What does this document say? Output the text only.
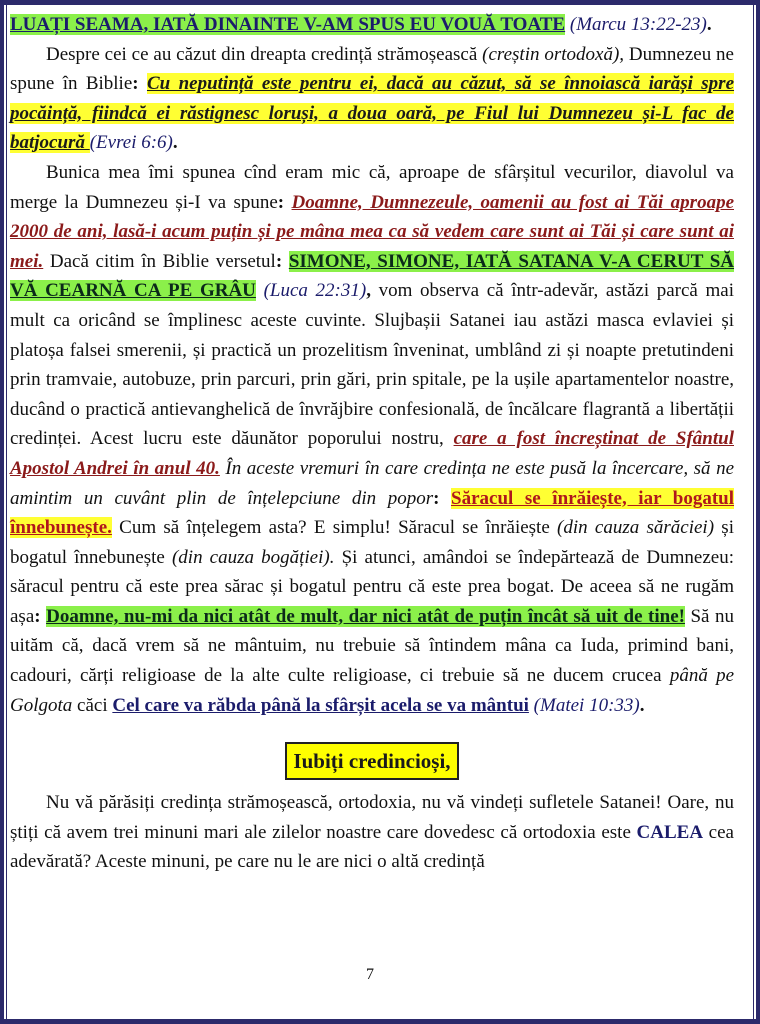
LUAȚI SEAMA, IATĂ DINAINTE V-AM SPUS EU VOUĂ TOATE (Marcu 13:22-23).

Despre cei ce au căzut din dreapta credință strămoșească (creștin ortodoxă), Dumnezeu ne spune în Biblie: Cu neputință este pentru ei, dacă au căzut, să se înnoiască iarăși spre pocăință, fiindcă ei răstignesc loruși, a doua oară, pe Fiul lui Dumnezeu și-L fac de batjocură (Evrei 6:6).

Bunica mea îmi spunea cînd eram mic că, aproape de sfârșitul vecurilor, diavolul va merge la Dumnezeu și-I va spune: Doamne, Dumnezeule, oamenii au fost ai Tăi aproape 2000 de ani, lasă-i acum puțin și pe mâna mea ca să vedem care sunt ai Tăi și care sunt ai mei. Dacă citim în Biblie versetul: SIMONE, SIMONE, IATĂ SATANA V-A CERUT SĂ VĂ CEARNĂ CA PE GRÂU (Luca 22:31), vom observa că într-adevăr, astăzi parcă mai mult ca oricând se împlinesc aceste cuvinte. Slujbașii Satanei iau astăzi masca evlaviei și platoșa falsei smerenii, și practică un prozelitism înveninat, umblând zi și noapte pretutindeni prin tramvaie, autobuze, prin parcuri, prin gări, prin spitale, pe la ușile apartamentelor noastre, ducând o practică antievanghelică de învrăjbire confesională, de încălcare flagrantă a libertății credinței. Acest lucru este dăunător poporului nostru, care a fost încreștinat de Sfântul Apostol Andrei în anul 40. În aceste vremuri în care credința ne este pusă la încercare, să ne amintim un cuvânt plin de înțelepciune din popor: Săracul se înrăiește, iar bogatul înnebunește. Cum să înțelegem asta? E simplu! Săracul se înrăiește (din cauza sărăciei) și bogatul înnebunește (din cauza bogăției). Și atunci, amândoi se îndepărtează de Dumnezeu: săracul pentru că este prea sărac și bogatul pentru că este prea bogat. De aceea să ne rugăm așa: Doamne, nu-mi da nici atât de mult, dar nici atât de puțin încât să uit de tine! Să nu uităm că, dacă vrem să ne mântuim, nu trebuie să întindem mâna ca Iuda, primind bani, cadouri, cărți religioase de la alte culte religioase, ci trebuie să ne ducem crucea până pe Golgota căci Cel care va răbda până la sfârșit acela se va mântui (Matei 10:33).

Iubiți credincioși,

Nu vă părăsiți credința strămoșească, ortodoxia, nu vă vindeți sufletele Satanei! Oare, nu știți că avem trei minuni mari ale zilelor noastre care dovedesc că ortodoxia este CALEA cea adevărată? Aceste minuni, pe care nu le are nici o altă credință

7
